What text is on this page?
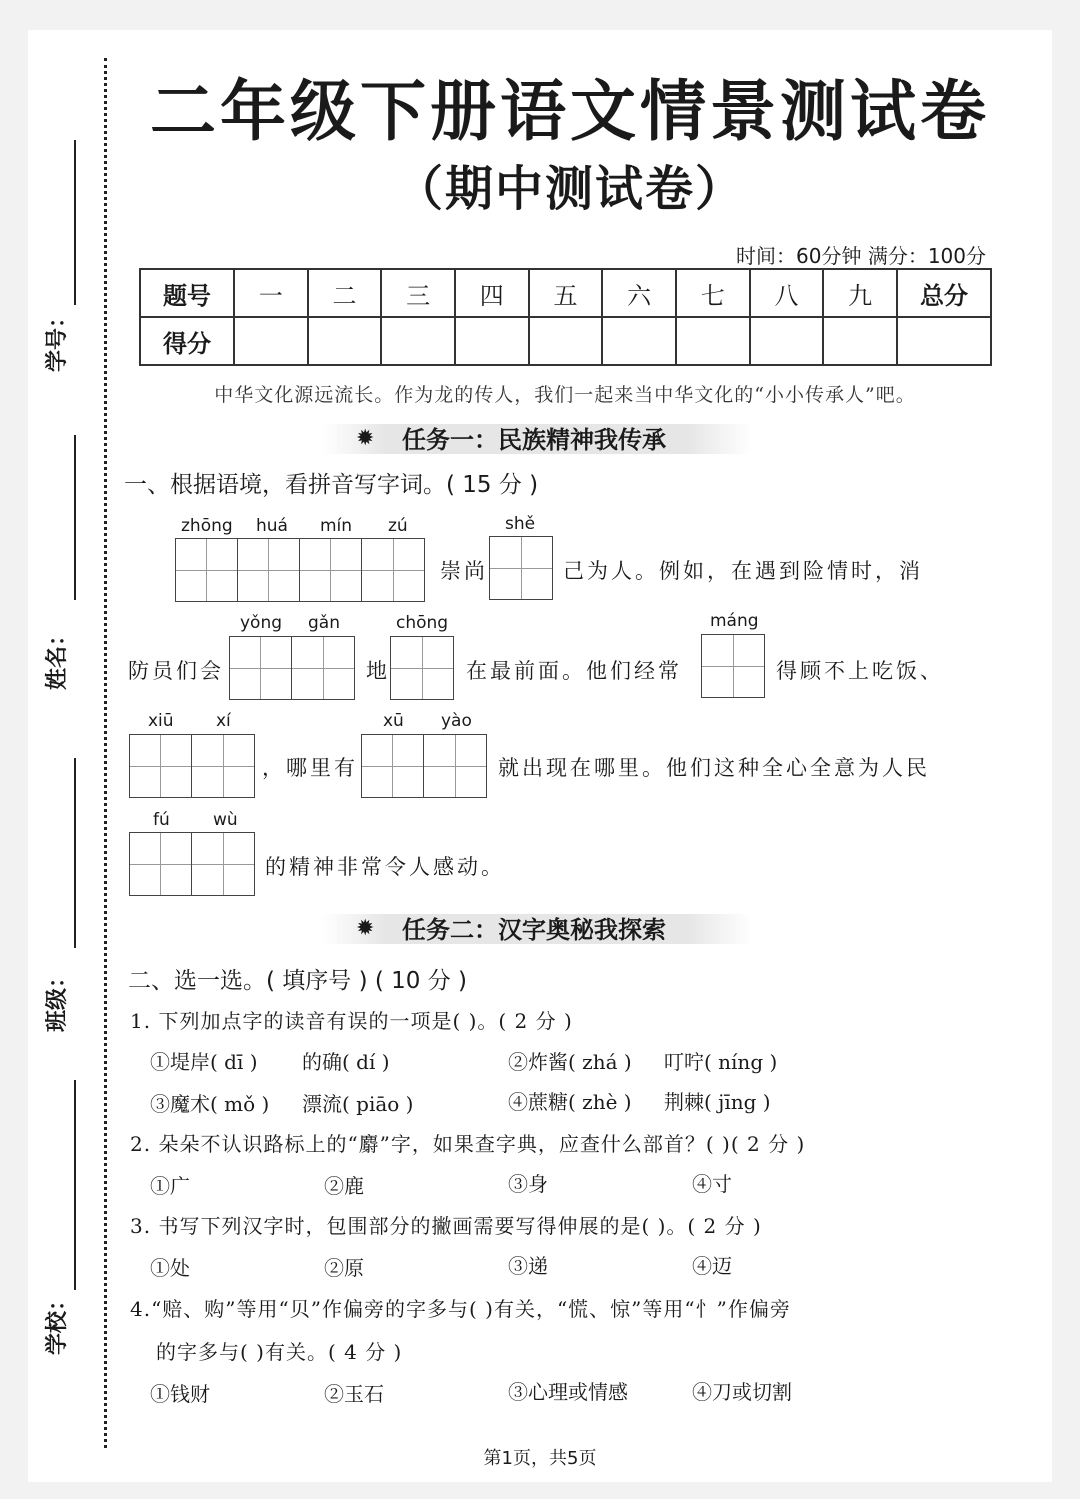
学号：
姓名：
班级：
学校：
二年级下册语文情景测试卷
（期中测试卷）
时间：60分钟 满分：100分
题号	一	二	三	四	五	六	七	八	九	总分
得分										
中华文化源远流长。作为龙的传人，我们一起来当中华文化的“小小传承人”吧。
✹ 任务一：民族精神我传承
一、根据语境，看拼音写字词。( 15 分 )
zhōng huá mín zú
崇尚
shě
己为人。例如，在遇到险情时，消
防员们会
yǒng gǎn
地
chōng
在最前面。他们经常
máng
得顾不上吃饭、
xiū xí
，哪里有
xū yào
就出现在哪里。他们这种全心全意为人民
fú	wù
的精神非常令人感动。
✹ 任务二：汉字奥秘我探索
二、选一选。( 填序号 ) ( 10 分 )
1. 下列加点字的读音有误的一项是( )。( 2 分 )
①堤岸( dī ) 的确( dí )	②炸酱( zhá ) 叮咛( níng )
③魔术( mǒ ) 漂流( piāo )	④蔗糖( zhè ) 荆棘( jīng )
2. 朵朵不认识路标上的“麝”字，如果查字典，应查什么部首？( )( 2 分 )
①广	②鹿	③身	④寸
3. 书写下列汉字时，包围部分的撇画需要写得伸展的是( )。( 2 分 )
①处	②原	③递	④迈
4.“赔、购”等用“贝”作偏旁的字多与( )有关，“慌、惊”等用“忄”作偏旁
的字多与( )有关。( 4 分 )
①钱财	②玉石	③心理或情感	④刀或切割
第1页，共5页
